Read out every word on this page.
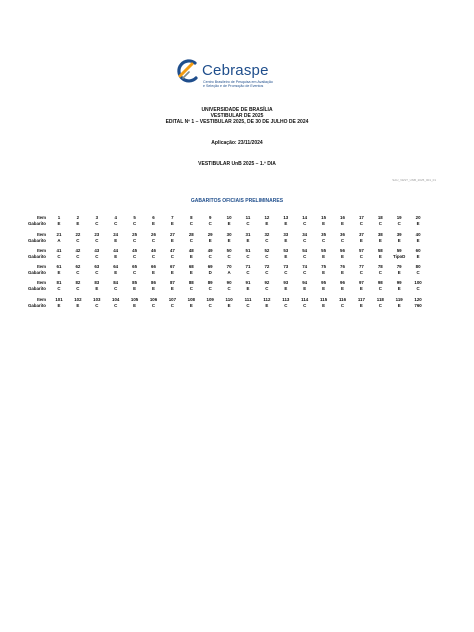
Cebraspe
Centro Brasileiro de Pesquisa em Avaliação
e Seleção e de Promoção de Eventos
UNIVERSIDADE DE BRASÍLIA
VESTIBULAR DE 2025
EDITAL Nº 1 – VESTIBULAR 2025, DE 30 DE JULHO DE 2024
Aplicação: 23/11/2024
VESTIBULAR UnB 2025 – 1.º DIA
SAU_VEST_UNB_2025_001_01
GABARITOS OFICIAIS PRELIMINARES
Item	1	2	3	4	5	6	7	8	9	10	11	12	13	14	15	16	17	18	19	20
Gabarito	E	E	C	C	C	E	E	C	C	E	C	E	E	C	E	E	C	C	C	E
Item	21	22	23	24	25	26	27	28	29	30	31	32	33	34	35	36	37	38	39	40
Gabarito	A	C	C	E	C	C	E	C	E	E	E	C	E	C	C	C	E	E	E	E
Item	41	42	43	44	45	46	47	48	49	50	51	52	53	54	55	56	57	58	59	60
Gabarito	C	C	C	E	C	C	C	E	C	C	C	C	E	C	E	E	C	E	TipoD	E
Item	61	62	63	64	65	66	67	68	69	70	71	72	73	74	75	76	77	78	79	80
Gabarito	E	C	C	E	C	E	E	E	D	A	C	C	C	C	E	E	C	C	E	C
Item	81	82	83	84	85	86	87	88	89	90	91	92	93	94	95	96	97	98	99	100
Gabarito	C	C	E	C	E	E	E	C	C	C	E	C	E	E	E	E	E	C	E	C
Item	101	102	103	104	105	106	107	108	109	110	111	112	113	114	115	116	117	118	119	120
Gabarito	E	E	C	C	E	C	C	E	C	E	C	E	C	C	E	C	E	C	E	760
